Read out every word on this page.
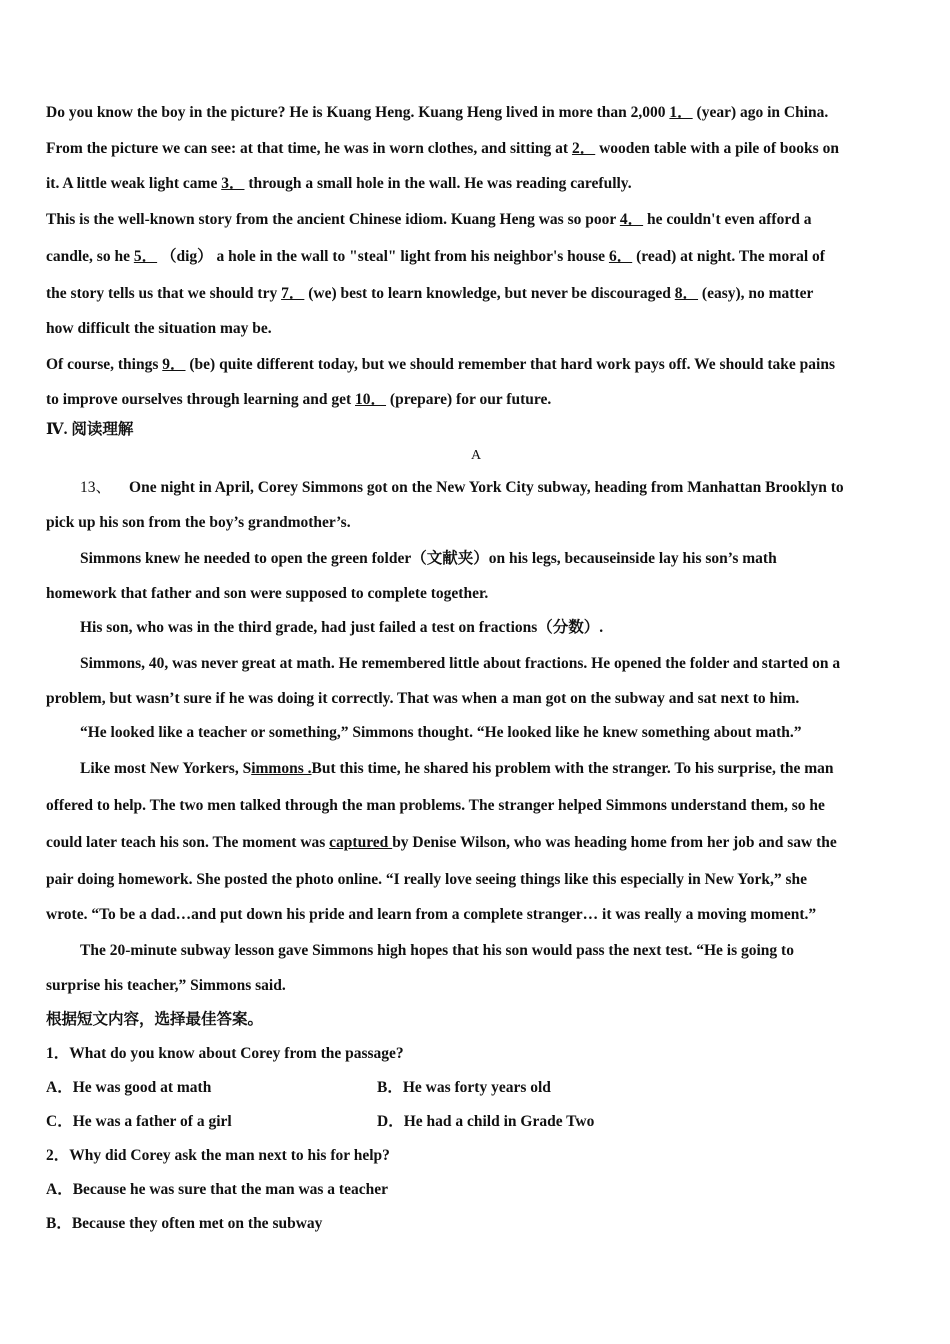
Do you know the boy in the picture? He is Kuang Heng. Kuang Heng lived in more than 2,000 1． (year) ago in China.
From the picture we can see: at that time, he was in worn clothes, and sitting at 2． wooden table with a pile of books on
it. A little weak light came 3． through a small hole in the wall. He was reading carefully.
This is the well-known story from the ancient Chinese idiom. Kuang Heng was so poor 4． he couldn't even afford a
candle, so he 5． （dig） a hole in the wall to "steal" light from his neighbor's house 6． (read) at night. The moral of
the story tells us that we should try 7． (we) best to learn knowledge, but never be discouraged 8． (easy), no matter
how difficult the situation may be.
Of course, things 9． (be) quite different today, but we should remember that hard work pays off. We should take pains
to improve ourselves through learning and get 10． (prepare) for our future.
Ⅳ. 阅读理解
A
13、 One night in April, Corey Simmons got on the New York City subway, heading from Manhattan Brooklyn to
pick up his son from the boy’s grandmother’s.
Simmons knew he needed to open the green folder（文献夹）on his legs, becauseinside lay his son’s math
homework that father and son were supposed to complete together.
His son, who was in the third grade, had just failed a test on fractions（分数）.
Simmons, 40, was never great at math. He remembered little about fractions. He opened the folder and started on a
problem, but wasn’t sure if he was doing it correctly. That was when a man got on the subway and sat next to him.
“He looked like a teacher or something,” Simmons thought. “He looked like he knew something about math.”
Like most New Yorkers, Simmons .But this time, he shared his problem with the stranger. To his surprise, the man
offered to help. The two men talked through the man problems. The stranger helped Simmons understand them, so he
could later teach his son. The moment was captured by Denise Wilson, who was heading home from her job and saw the
pair doing homework. She posted the photo online. “I really love seeing things like this especially in New York,” she
wrote. “To be a dad…and put down his pride and learn from a complete stranger… it was really a moving moment.”
The 20-minute subway lesson gave Simmons high hopes that his son would pass the next test. “He is going to
surprise his teacher,” Simmons said.
根据短文内容，选择最佳答案。
1．What do you know about Corey from the passage?
A．He was good at math	B．He was forty years old
C．He was a father of a girl	D．He had a child in Grade Two
2．Why did Corey ask the man next to his for help?
A．Because he was sure that the man was a teacher
B．Because they often met on the subway
